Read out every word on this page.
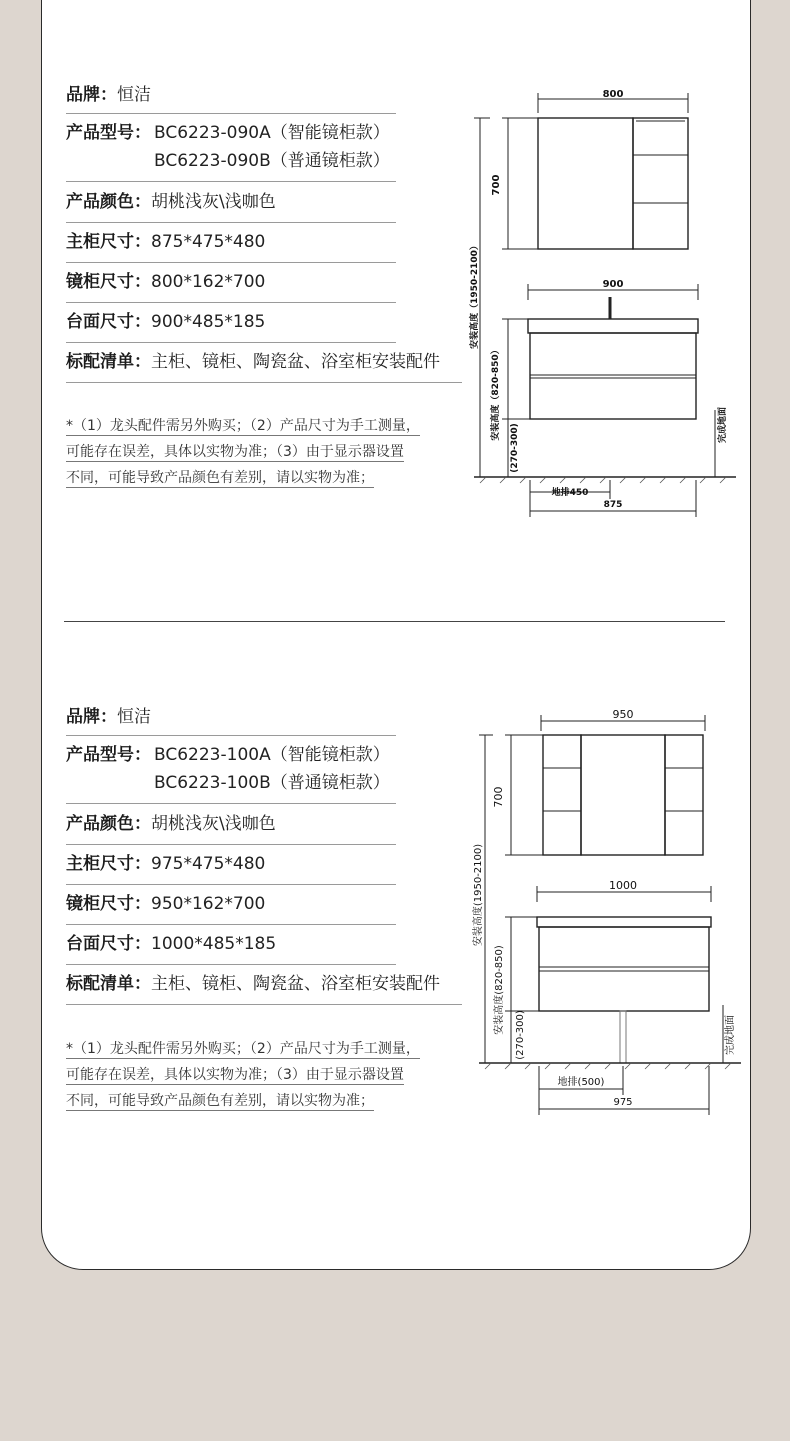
品牌：恒洁
产品型号： BC6223-090A（智能镜柜款）
BC6223-090B（普通镜柜款）
产品颜色：胡桃浅灰\浅咖色
主柜尺寸：875*475*480
镜柜尺寸：800*162*700
台面尺寸：900*485*185
标配清单：主柜、镜柜、陶瓷盆、浴室柜安装配件
*（1）龙头配件需另外购买；（2）产品尺寸为手工测量，
可能存在误差，具体以实物为准；（3）由于显示器设置
不同，可能导致产品颜色有差别，请以实物为准；
800
900
700
安装高度（1950-2100）
安装高度（820-850）
(270-300)	完成地面
地排450
875
品牌：恒洁
产品型号： BC6223-100A（智能镜柜款）
BC6223-100B（普通镜柜款）
产品颜色：胡桃浅灰\浅咖色
主柜尺寸：975*475*480
镜柜尺寸：950*162*700
台面尺寸：1000*485*185
标配清单：主柜、镜柜、陶瓷盆、浴室柜安装配件
*（1）龙头配件需另外购买；（2）产品尺寸为手工测量，
可能存在误差，具体以实物为准；（3）由于显示器设置
不同，可能导致产品颜色有差别，请以实物为准；
950
1000
700
安装高度(1950-2100)
安装高度(820-850)
(270-300)	完成地面
地排(500)
975
